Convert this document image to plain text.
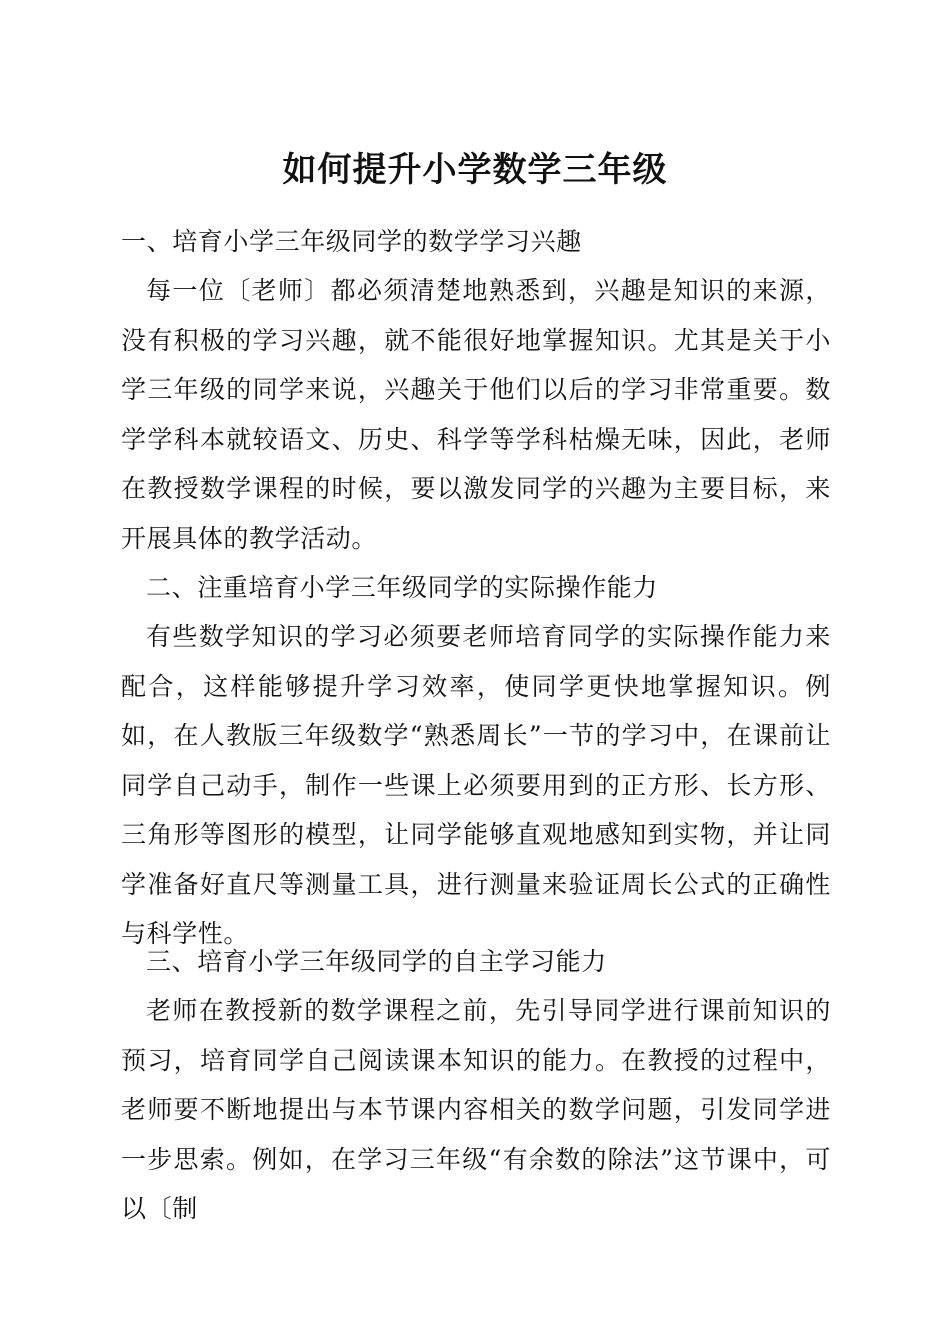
如何提升小学数学三年级

一、培育小学三年级同学的数学学习兴趣

每一位〔老师〕都必须清楚地熟悉到，兴趣是知识的来源，没有积极的学习兴趣，就不能很好地掌握知识。尤其是关于小学三年级的同学来说，兴趣关于他们以后的学习非常重要。数学学科本就较语文、历史、科学等学科枯燥无味，因此，老师在教授数学课程的时候，要以激发同学的兴趣为主要目标，来开展具体的教学活动。

二、注重培育小学三年级同学的实际操作能力

有些数学知识的学习必须要老师培育同学的实际操作能力来配合，这样能够提升学习效率，使同学更快地掌握知识。例如，在人教版三年级数学“熟悉周长”一节的学习中，在课前让同学自己动手，制作一些课上必须要用到的正方形、长方形、三角形等图形的模型，让同学能够直观地感知到实物，并让同学准备好直尺等测量工具，进行测量来验证周长公式的正确性与科学性。

三、培育小学三年级同学的自主学习能力

老师在教授新的数学课程之前，先引导同学进行课前知识的预习，培育同学自己阅读课本知识的能力。在教授的过程中，老师要不断地提出与本节课内容相关的数学问题，引发同学进一步思索。例如，在学习三年级“有余数的除法”这节课中，可以〔制
